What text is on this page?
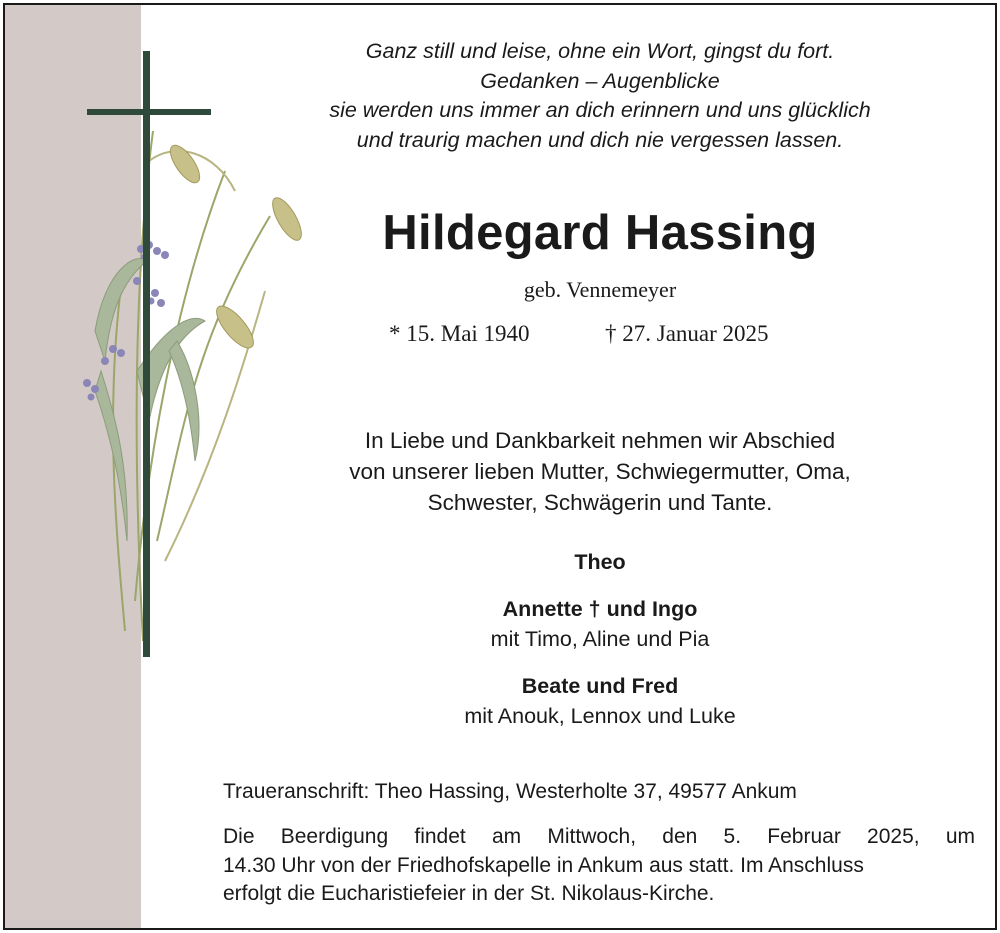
Ganz still und leise, ohne ein Wort, gingst du fort.
Gedanken – Augenblicke
sie werden uns immer an dich erinnern und uns glücklich
und traurig machen und dich nie vergessen lassen.
Hildegard Hassing
geb. Vennemeyer
* 15. Mai 1940	† 27. Januar 2025
In Liebe und Dankbarkeit nehmen wir Abschied
von unserer lieben Mutter, Schwiegermutter, Oma,
Schwester, Schwägerin und Tante.
Theo
Annette † und Ingo
mit Timo, Aline und Pia
Beate und Fred
mit Anouk, Lennox und Luke
Traueranschrift: Theo Hassing, Westerholte 37, 49577 Ankum
Die Beerdigung findet am Mittwoch, den 5. Februar 2025, um
14.30 Uhr von der Friedhofskapelle in Ankum aus statt. Im Anschluss
erfolgt die Eucharistiefeier in der St. Nikolaus-Kirche.
